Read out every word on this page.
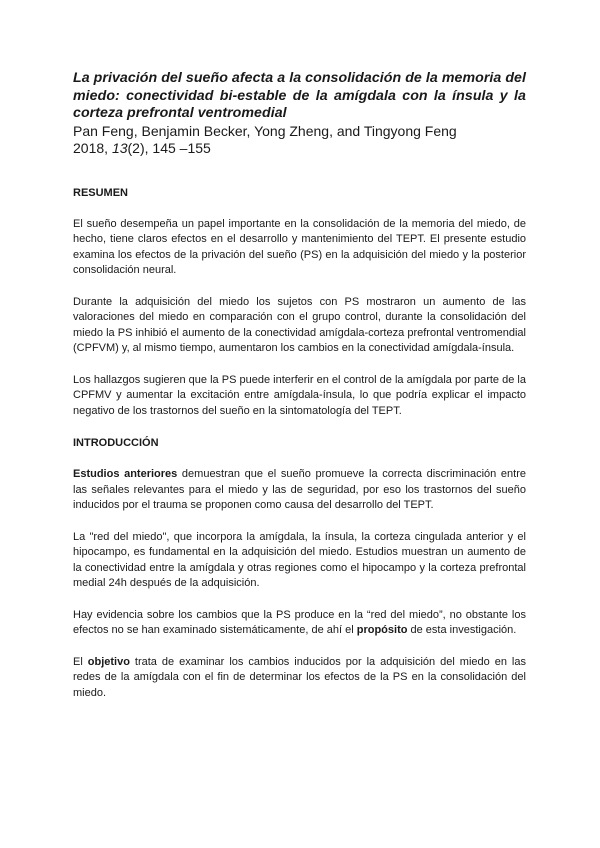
La privación del sueño afecta a la consolidación de la memoria del miedo: conectividad bi-estable de la amígdala con la ínsula y la corteza prefrontal ventromedial

Pan Feng, Benjamin Becker, Yong Zheng, and Tingyong Feng

2018, 13(2), 145 –155

RESUMEN

El sueño desempeña un papel importante en la consolidación de la memoria del miedo, de hecho, tiene claros efectos en el desarrollo y mantenimiento del TEPT. El presente estudio examina los efectos de la privación del sueño (PS) en la adquisición del miedo y la posterior consolidación neural.

Durante la adquisición del miedo los sujetos con PS mostraron un aumento de las valoraciones del miedo en comparación con el grupo control, durante la consolidación del miedo la PS inhibió el aumento de la conectividad amígdala-corteza prefrontal ventromendial (CPFVM) y, al mismo tiempo, aumentaron los cambios en la conectividad amígdala-ínsula.

Los hallazgos sugieren que la PS puede interferir en el control de la amígdala por parte de la CPFMV y aumentar la excitación entre amígdala-ínsula, lo que podría explicar el impacto negativo de los trastornos del sueño en la sintomatología del TEPT.

INTRODUCCIÓN

Estudios anteriores demuestran que el sueño promueve la correcta discriminación entre las señales relevantes para el miedo y las de seguridad, por eso los trastornos del sueño inducidos por el trauma se proponen como causa del desarrollo del TEPT.

La "red del miedo", que incorpora la amígdala, la ínsula, la corteza cingulada anterior y el hipocampo, es fundamental en la adquisición del miedo. Estudios muestran un aumento de la conectividad entre la amígdala y otras regiones como el hipocampo y la corteza prefrontal medial 24h después de la adquisición.

Hay evidencia sobre los cambios que la PS produce en la “red del miedo”, no obstante los efectos no se han examinado sistemáticamente, de ahí el propósito de esta investigación.

El objetivo trata de examinar los cambios inducidos por la adquisición del miedo en las redes de la amígdala con el fin de determinar los efectos de la PS en la consolidación del miedo.
